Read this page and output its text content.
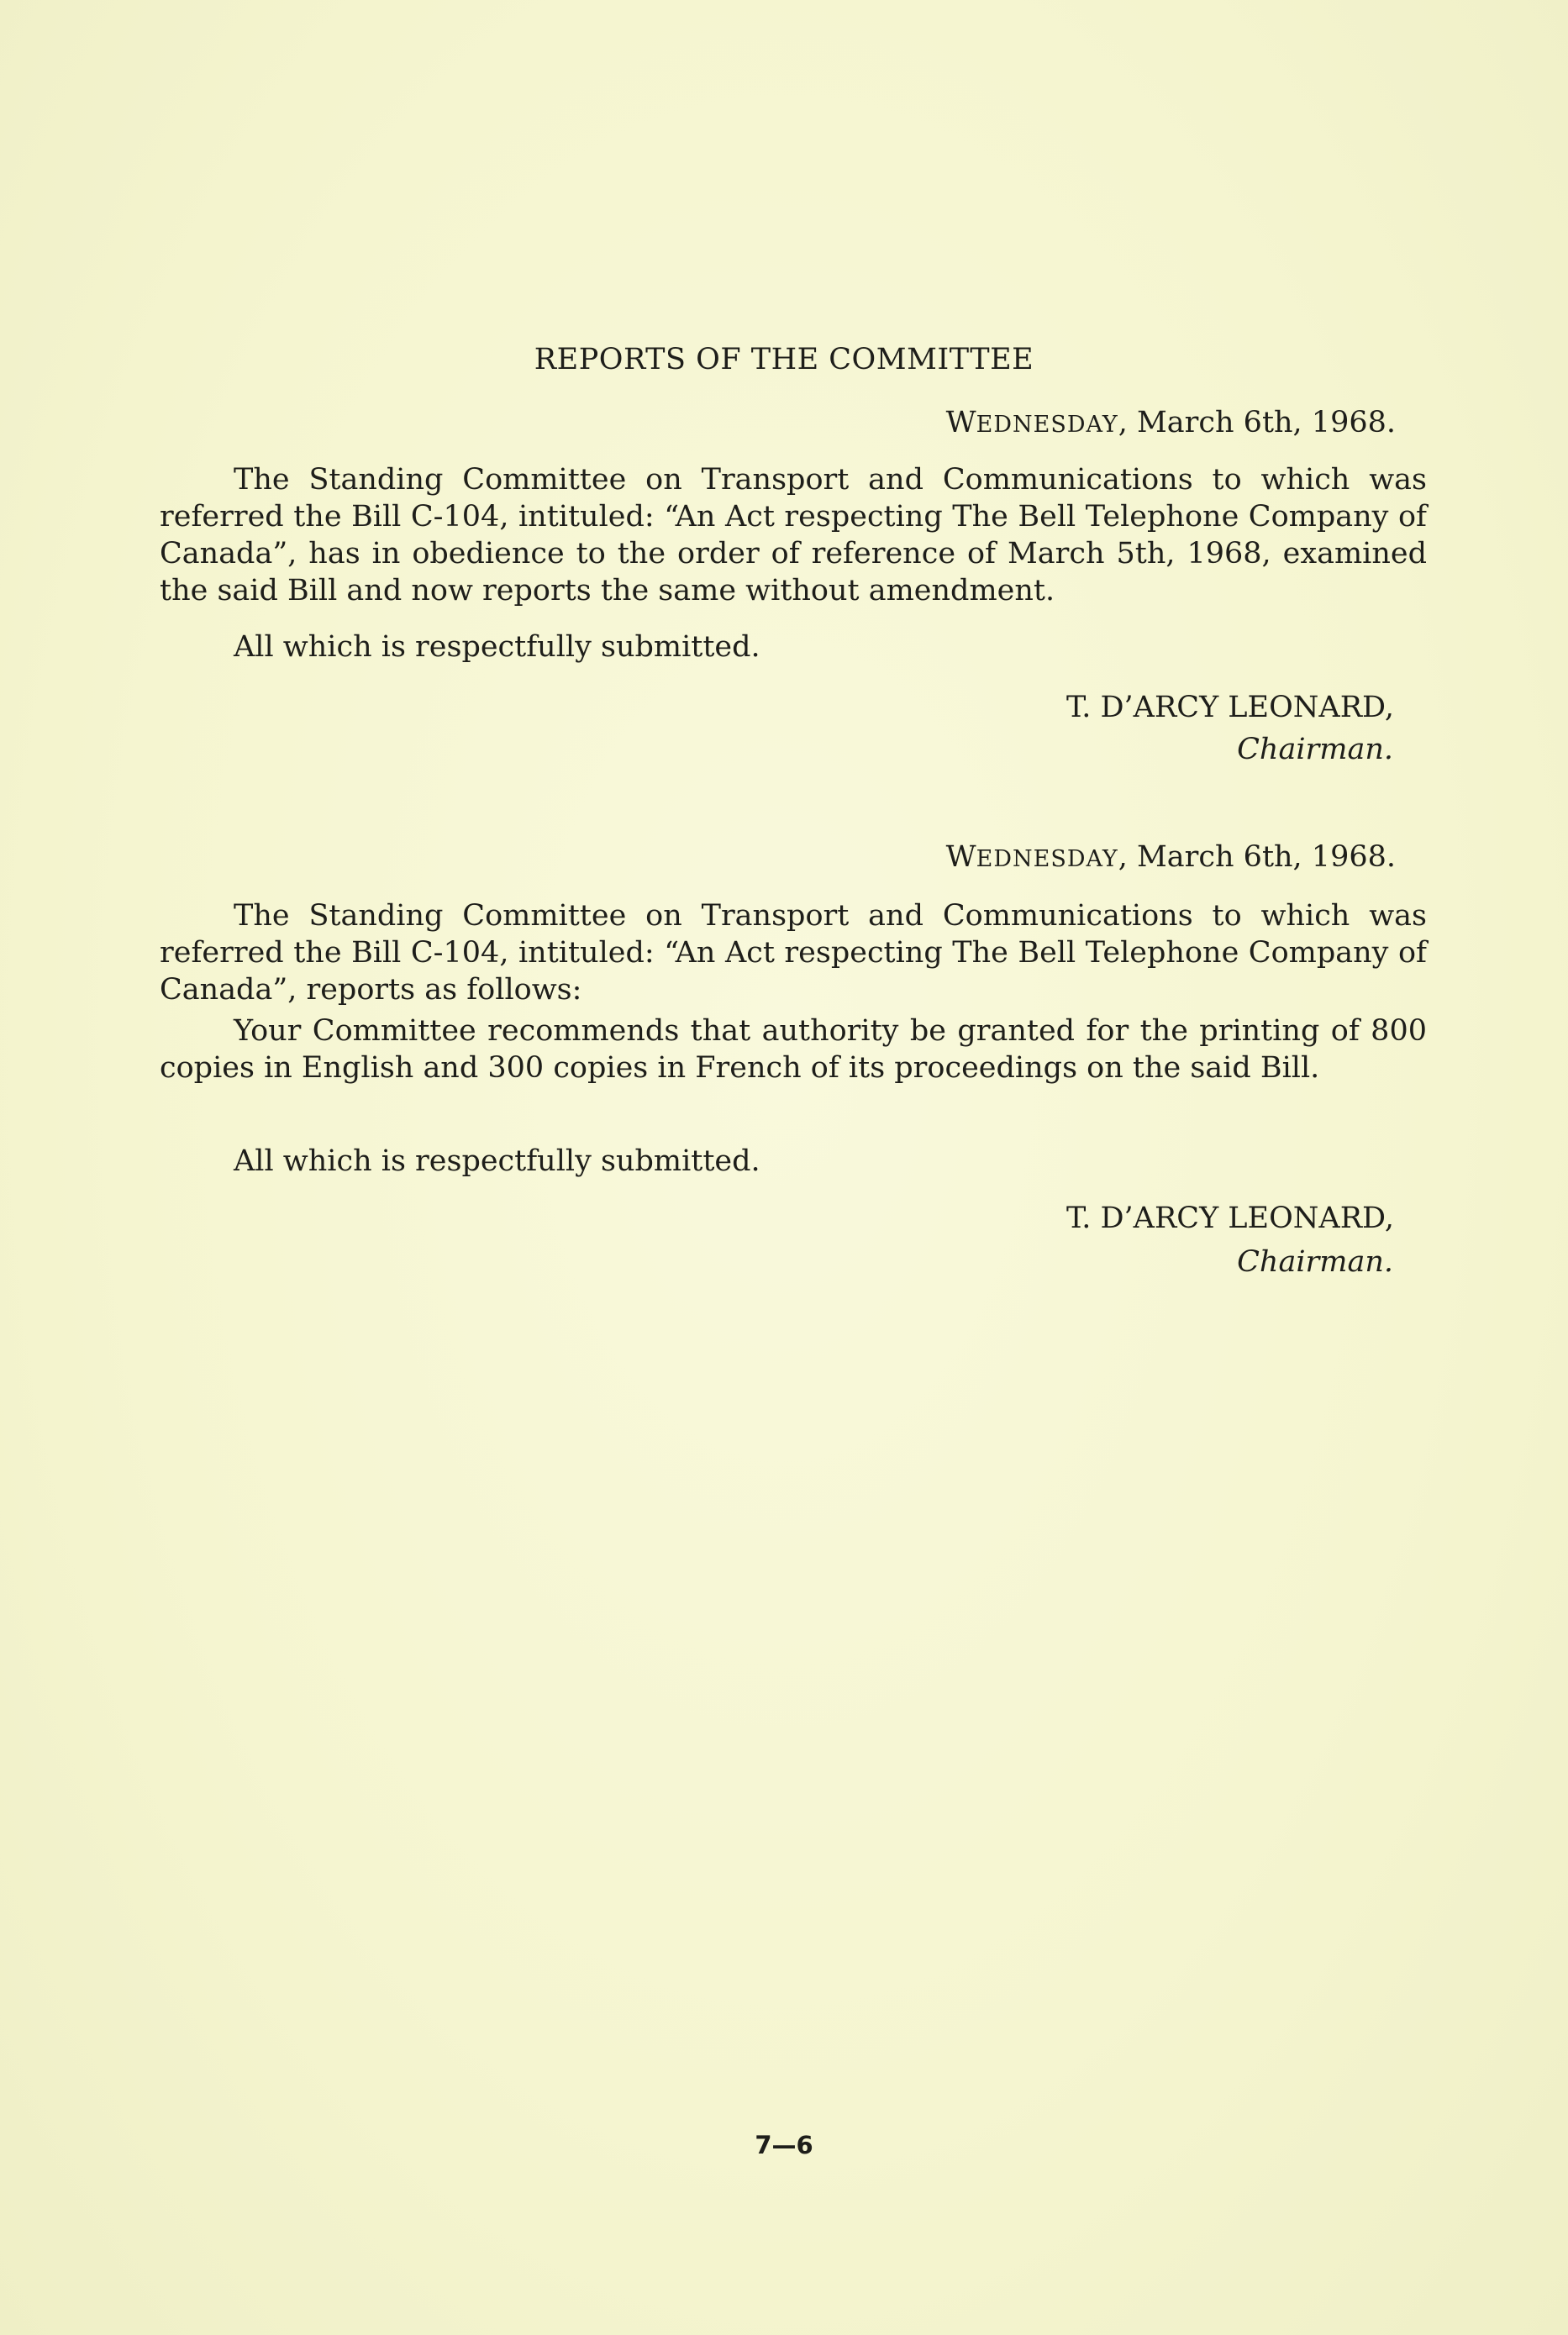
REPORTS OF THE COMMITTEE
WEDNESDAY, March 6th, 1968.
The Standing Committee on Transport and Communications to which was referred the Bill C-104, intituled: “An Act respecting The Bell Telephone Company of Canada”, has in obedience to the order of reference of March 5th, 1968, examined the said Bill and now reports the same without amendment.
All which is respectfully submitted.
T. D’ARCY LEONARD,
Chairman.
WEDNESDAY, March 6th, 1968.
The Standing Committee on Transport and Communications to which was referred the Bill C-104, intituled: “An Act respecting The Bell Telephone Company of Canada”, reports as follows:
Your Committee recommends that authority be granted for the printing of 800 copies in English and 300 copies in French of its proceedings on the said Bill.
All which is respectfully submitted.
T. D’ARCY LEONARD,
Chairman.
7—6
